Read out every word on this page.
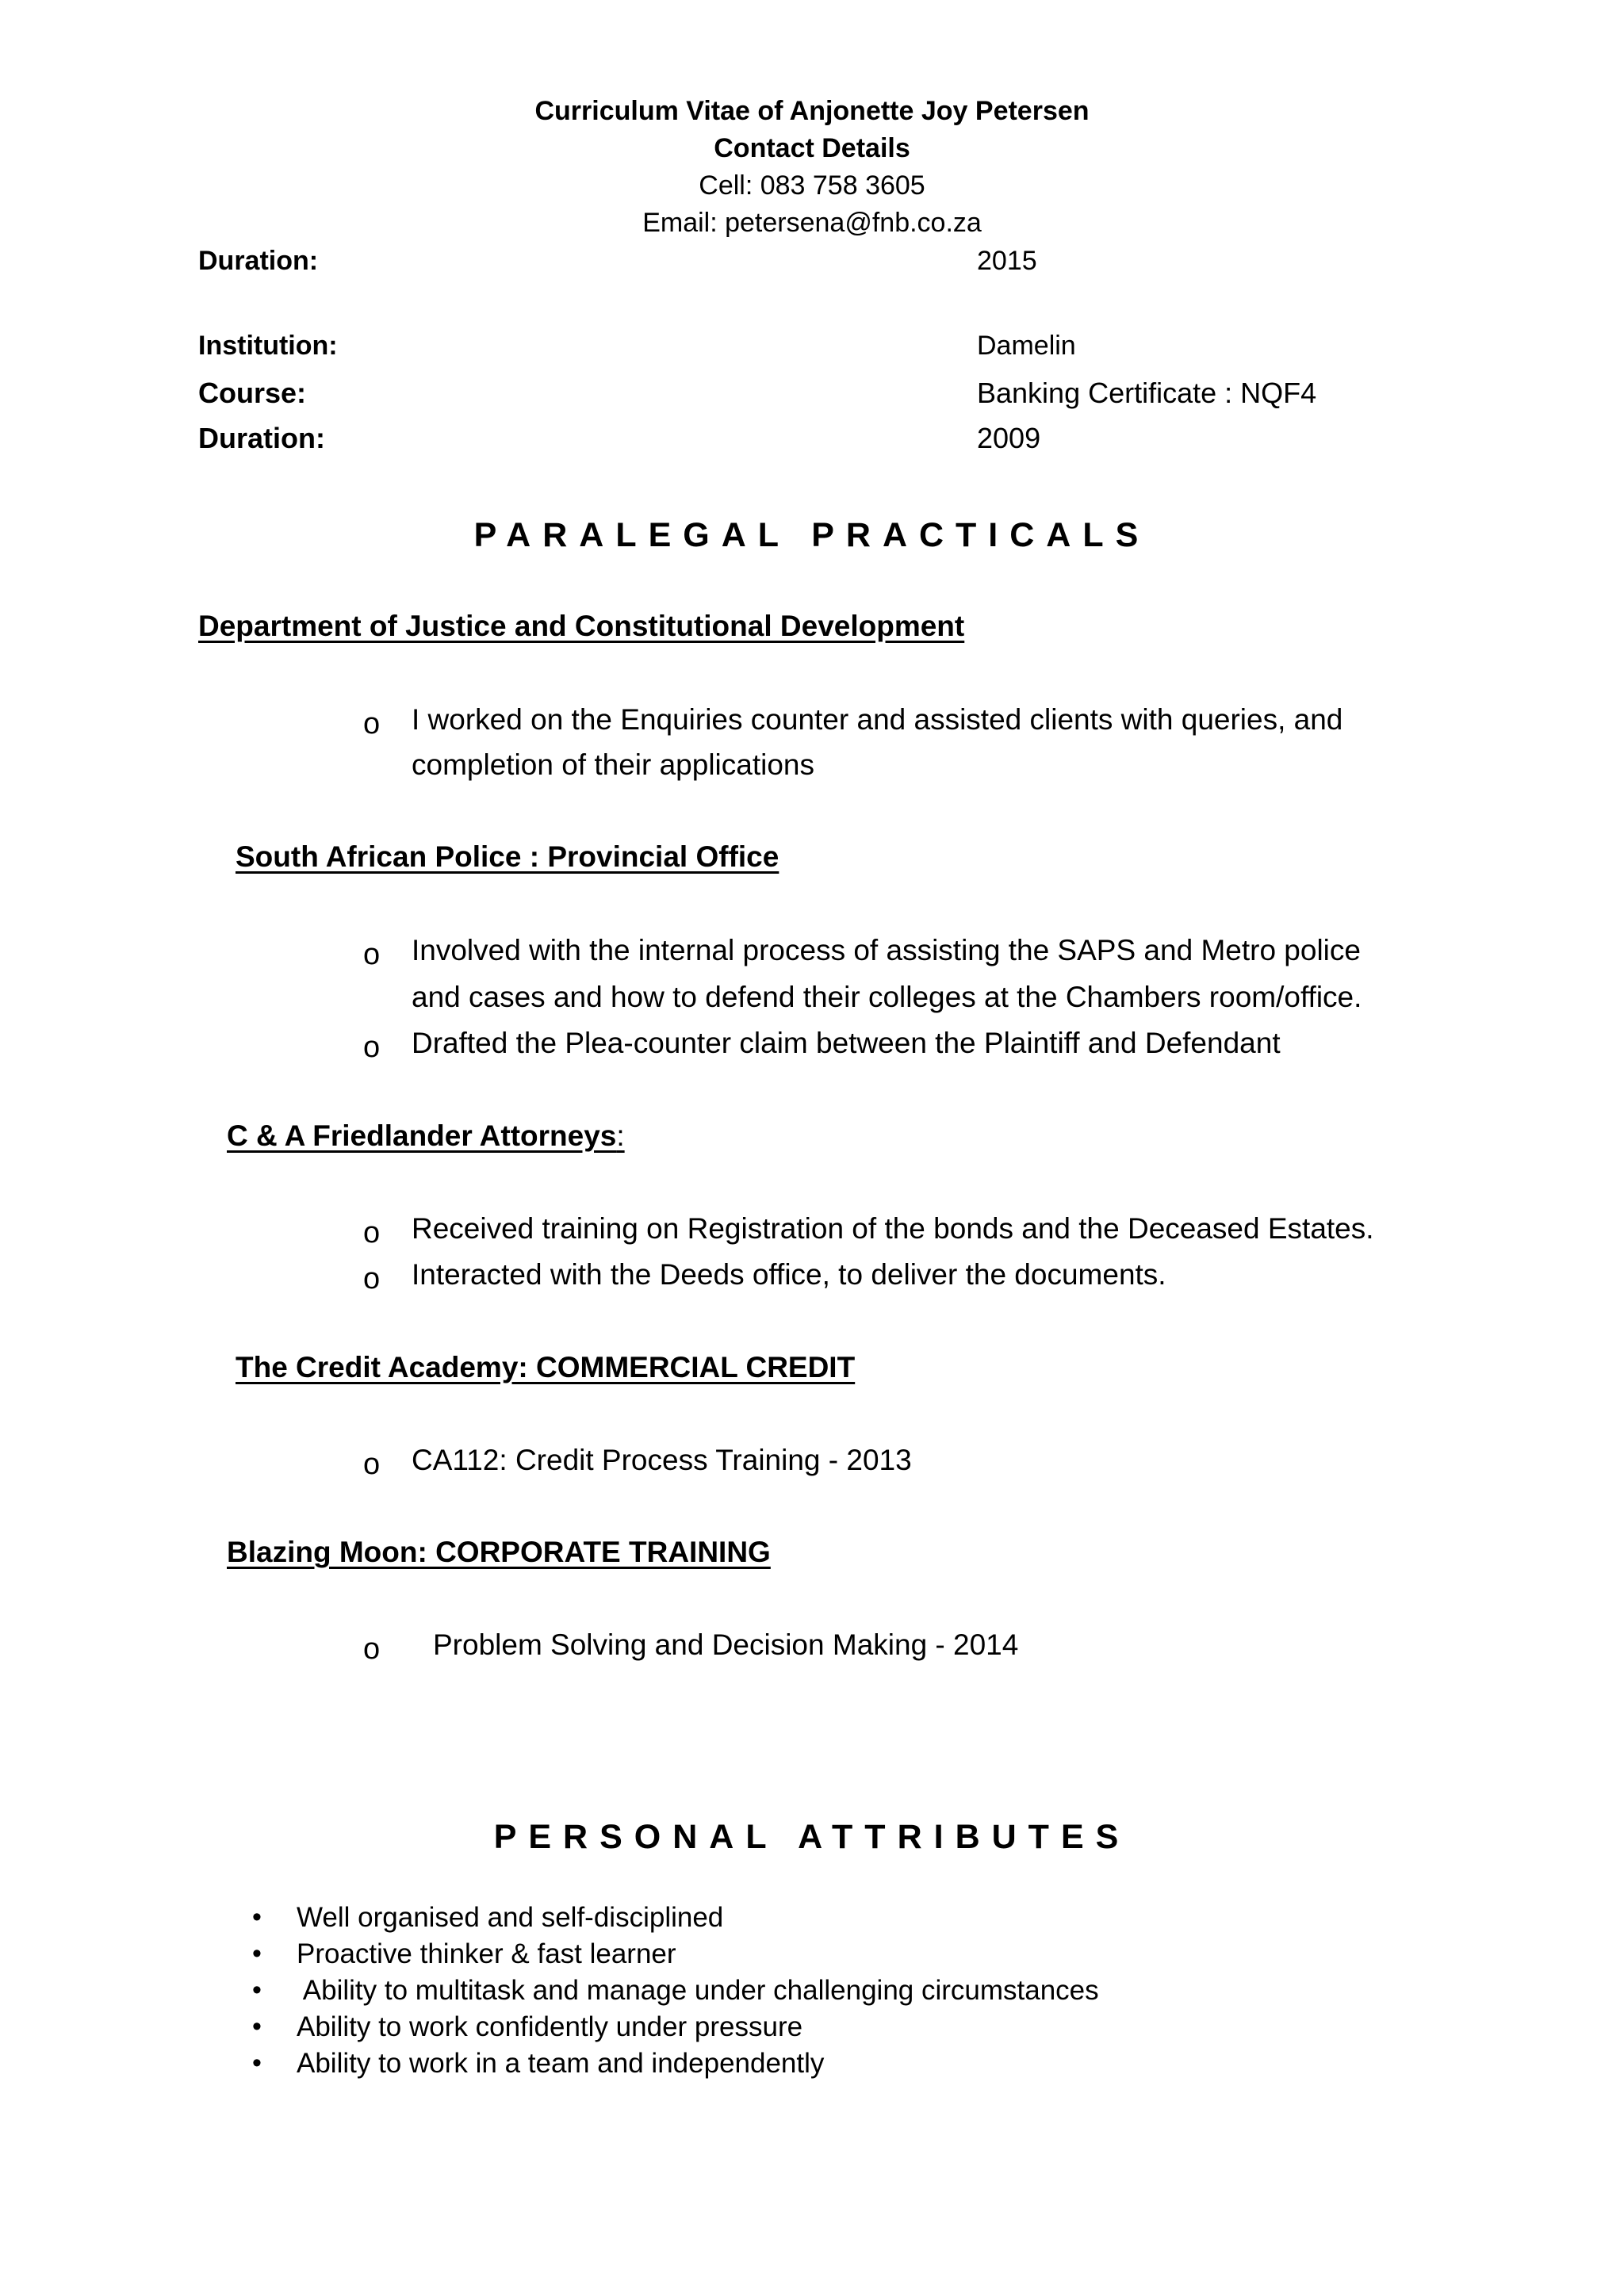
Curriculum Vitae of Anjonette Joy Petersen
Contact Details
Cell: 083 758 3605
Email: petersena@fnb.co.za
Duration:	2015
Institution:	Damelin
Course:	Banking Certificate : NQF4
Duration:	2009
PARALEGAL PRACTICALS
Department of Justice and Constitutional Development
o I worked on the Enquiries counter and assisted clients with queries, and
completion of their applications
South African Police : Provincial Office
o Involved with the internal process of assisting the SAPS and Metro police
and cases and how to defend their colleges at the Chambers room/office.
o Drafted the Plea-counter claim between the Plaintiff and Defendant
C & A Friedlander Attorneys:
o Received training on Registration of the bonds and the Deceased Estates.
o Interacted with the Deeds office, to deliver the documents.
The Credit Academy: COMMERCIAL CREDIT
o CA112: Credit Process Training - 2013
Blazing Moon: CORPORATE TRAINING
o Problem Solving and Decision Making - 2014
PERSONAL ATTRIBUTES
• Well organised and self-disciplined
• Proactive thinker & fast learner
• Ability to multitask and manage under challenging circumstances
• Ability to work confidently under pressure
• Ability to work in a team and independently
